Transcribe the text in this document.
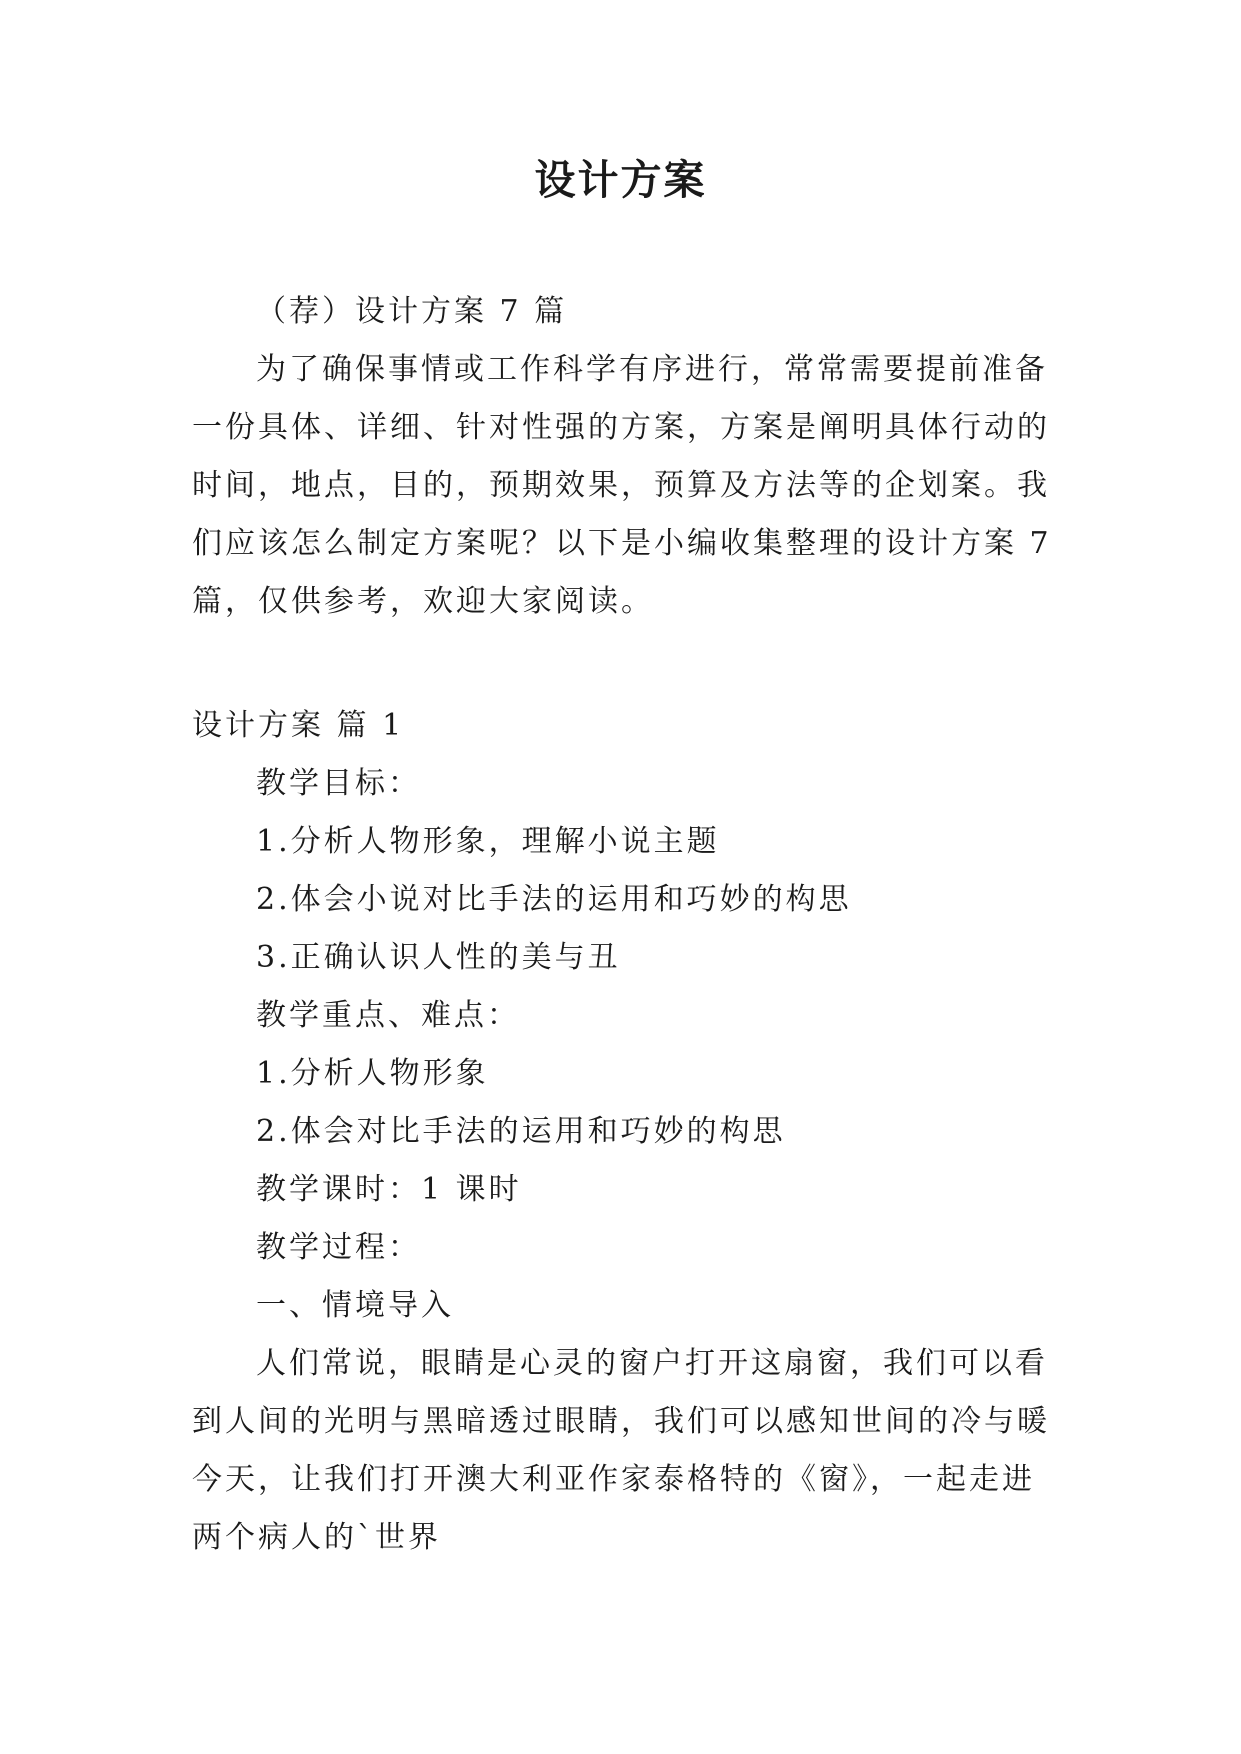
设计方案
（荐）设计方案 7 篇
为了确保事情或工作科学有序进行，常常需要提前准备
一份具体、详细、针对性强的方案，方案是阐明具体行动的
时间，地点，目的，预期效果，预算及方法等的企划案。我
们应该怎么制定方案呢？以下是小编收集整理的设计方案 7
篇，仅供参考，欢迎大家阅读。
设计方案 篇 1
教学目标：
1.分析人物形象，理解小说主题
2.体会小说对比手法的运用和巧妙的构思
3.正确认识人性的美与丑
教学重点、难点：
1.分析人物形象
2.体会对比手法的运用和巧妙的构思
教学课时：1 课时
教学过程：
一、情境导入
人们常说，眼睛是心灵的窗户打开这扇窗，我们可以看
到人间的光明与黑暗透过眼睛，我们可以感知世间的冷与暖
今天，让我们打开澳大利亚作家泰格特的《窗》，一起走进
两个病人的`世界
